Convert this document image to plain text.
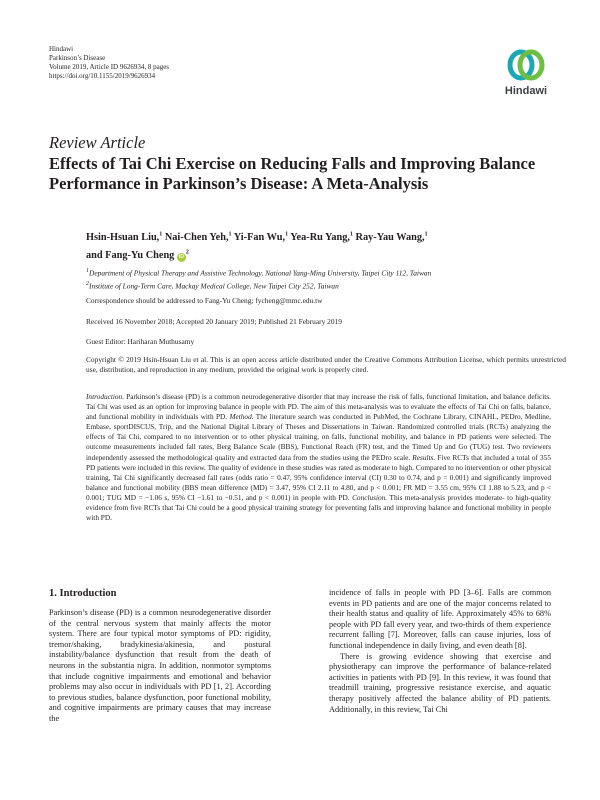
Hindawi
Parkinson’s Disease
Volume 2019, Article ID 9626934, 8 pages
https://doi.org/10.1155/2019/9626934
Hindawi
Review Article
Effects of Tai Chi Exercise on Reducing Falls and Improving Balance Performance in Parkinson’s Disease: A Meta-Analysis
Hsin-Hsuan Liu,$^1$ Nai-Chen Yeh,$^1$ Yi-Fan Wu,$^1$ Yea-Ru Yang,$^1$ Ray-Yau Wang,$^1$
and Fang-Yu Cheng $iD^2$
$^1$Department of Physical Therapy and Assistive Technology, National Yang-Ming University, Taipei City 112, Taiwan
$^2$Institute of Long-Term Care, Mackay Medical College, New Taipei City 252, Taiwan
Correspondence should be addressed to Fang-Yu Cheng; fycheng@mmc.edu.tw
Received 16 November 2018; Accepted 20 January 2019; Published 21 February 2019
Guest Editor: Hariharan Muthusamy
Copyright © 2019 Hsin-Hsuan Liu et al. This is an open access article distributed under the Creative Commons Attribution License, which permits unrestricted use, distribution, and reproduction in any medium, provided the original work is properly cited.
Introduction. Parkinson’s disease (PD) is a common neurodegenerative disorder that may increase the risk of falls, functional limitation, and balance deficits. Tai Chi was used as an option for improving balance in people with PD. The aim of this meta-analysis was to evaluate the effects of Tai Chi on falls, balance, and functional mobility in individuals with PD. Method. The literature search was conducted in PubMed, the Cochrane Library, CINAHL, PEDro, Medline, Embase, sportDISCUS, Trip, and the National Digital Library of Theses and Dissertations in Taiwan. Randomized controlled trials (RCTs) analyzing the effects of Tai Chi, compared to no intervention or to other physical training, on falls, functional mobility, and balance in PD patients were selected. The outcome measurements included fall rates, Berg Balance Scale (BBS), Functional Reach (FR) test, and the Timed Up and Go (TUG) test. Two reviewers independently assessed the methodological quality and extracted data from the studies using the PEDro scale. Results. Five RCTs that included a total of 355 PD patients were included in this review. The quality of evidence in these studies was rated as moderate to high. Compared to no intervention or other physical training, Tai Chi significantly decreased fall rates (odds ratio = 0.47, 95% confidence interval (CI) 0.30 to 0.74, and p = 0.001) and significantly improved balance and functional mobility (BBS mean difference (MD) = 3.47, 95% CI 2.11 to 4.80, and p < 0.001; FR MD = 3.55 cm, 95% CI 1.88 to 5.23, and p < 0.001; TUG MD = −1.06 s, 95% CI −1.61 to −0.51, and p < 0.001) in people with PD. Conclusion. This meta-analysis provides moderate- to high-quality evidence from five RCTs that Tai Chi could be a good physical training strategy for preventing falls and improving balance and functional mobility in people with PD.
1. Introduction

Parkinson’s disease (PD) is a common neurodegenerative disorder of the central nervous system that mainly affects the motor system. There are four typical motor symptoms of PD: rigidity, tremor/shaking, bradykinesia/akinesia, and postural instability/balance dysfunction that result from the death of neurons in the substantia nigra. In addition, nonmotor symptoms that include cognitive impairments and emotional and behavior problems may also occur in individuals with PD [1, 2]. According to previous studies, balance dysfunction, poor functional mobility, and cognitive impairments are primary causes that may increase the

incidence of falls in people with PD [3–6]. Falls are common events in PD patients and are one of the major concerns related to their health status and quality of life. Approximately 45% to 68% people with PD fall every year, and two-thirds of them experience recurrent falling [7]. Moreover, falls can cause injuries, loss of functional independence in daily living, and even death [8].

There is growing evidence showing that exercise and physiotherapy can improve the performance of balance-related activities in patients with PD [9]. In this review, it was found that treadmill training, progressive resistance exercise, and aquatic therapy positively affected the balance ability of PD patients. Additionally, in this review, Tai Chi
